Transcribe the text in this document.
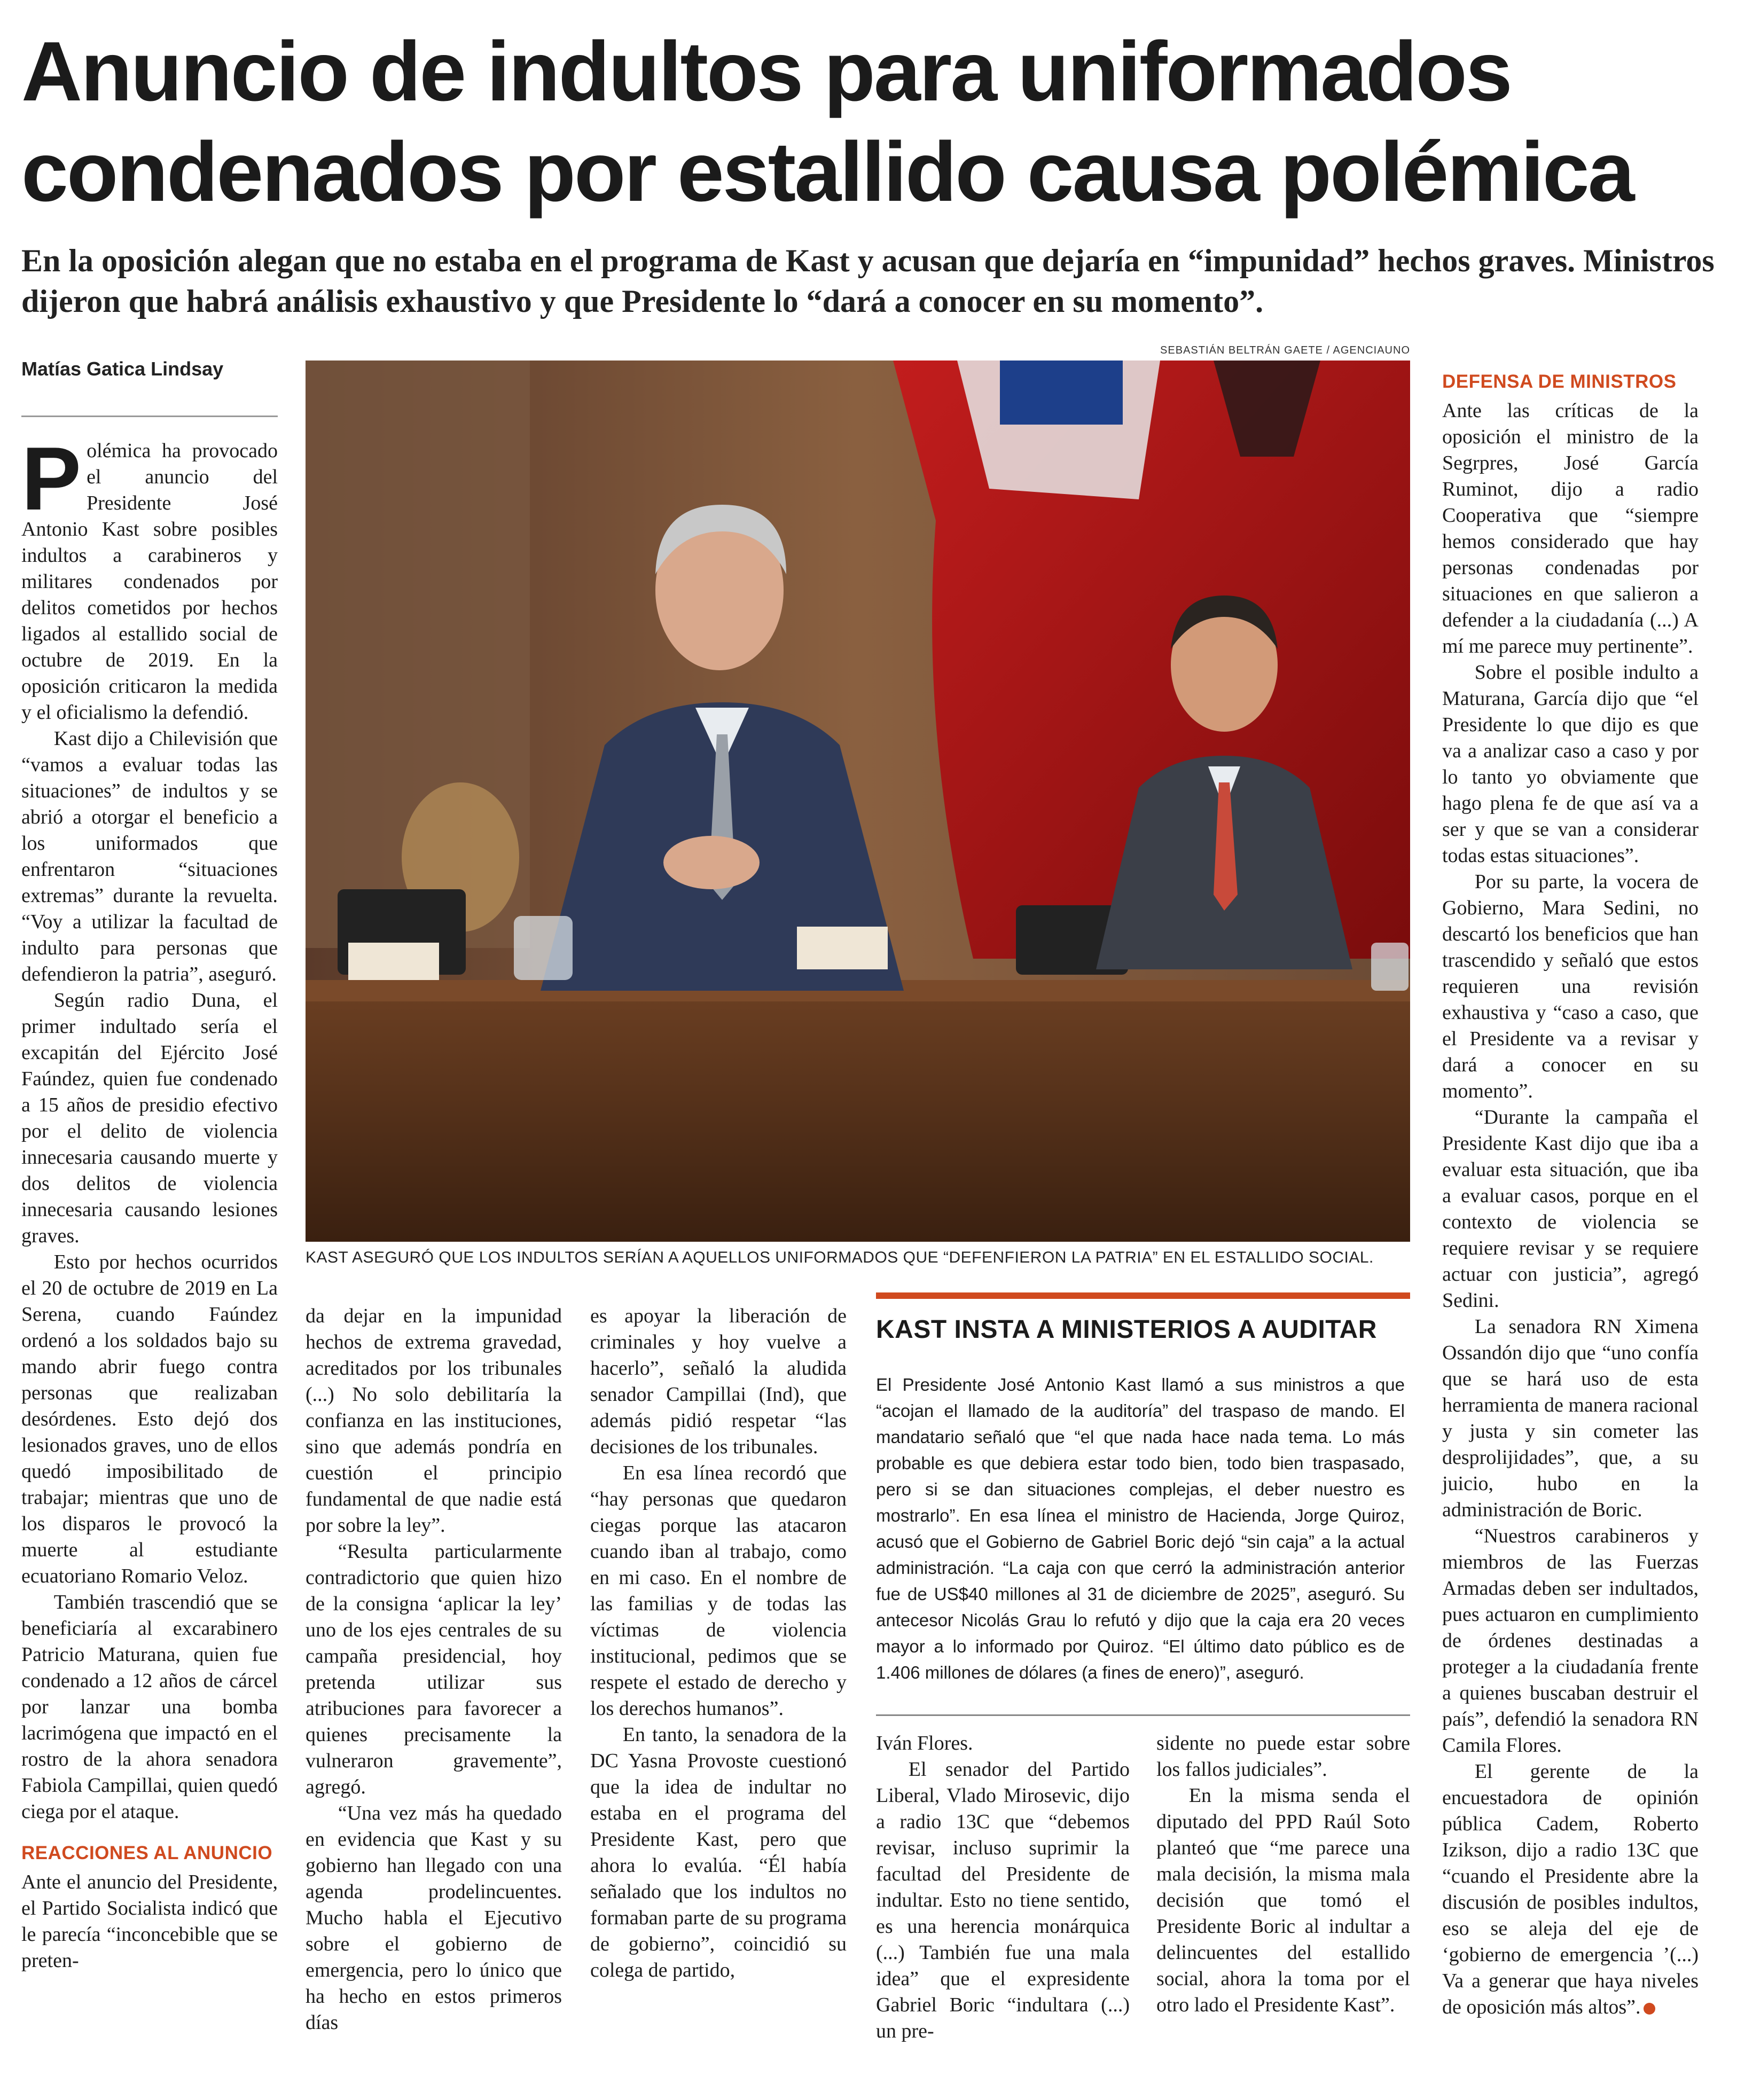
Anuncio de indultos para uniformados condenados por estallido causa polémica

En la oposición alegan que no estaba en el programa de Kast y acusan que dejaría en “impunidad” hechos graves. Ministros dijeron que habrá análisis exhaustivo y que Presidente lo “dará a conocer en su momento”.

Matías Gatica Lindsay
SEBASTIÁN BELTRÁN GAETE / AGENCIAUNO
KAST ASEGURÓ QUE LOS INDULTOS SERÍAN A AQUELLOS UNIFORMADOS QUE “DEFENFIERON LA PATRIA” EN EL ESTALLIDO SOCIAL.

Polémica ha provocado el anuncio del Presidente José Antonio Kast sobre posibles indultos a carabineros y militares condenados por delitos cometidos por hechos ligados al estallido social de octubre de 2019. En la oposición criticaron la medida y el oficialismo la defendió.

Kast dijo a Chilevisión que “vamos a evaluar todas las situaciones” de indultos y se abrió a otorgar el beneficio a los uniformados que enfrentaron “situaciones extremas” durante la revuelta. “Voy a utilizar la facultad de indulto para personas que defendieron la patria”, aseguró.

Según radio Duna, el primer indultado sería el excapitán del Ejército José Faúndez, quien fue condenado a 15 años de presidio efectivo por el delito de violencia innecesaria causando muerte y dos delitos de violencia innecesaria causando lesiones graves.

Esto por hechos ocurridos el 20 de octubre de 2019 en La Serena, cuando Faúndez ordenó a los soldados bajo su mando abrir fuego contra personas que realizaban desórdenes. Esto dejó dos lesionados graves, uno de ellos quedó imposibilitado de trabajar; mientras que uno de los disparos le provocó la muerte al estudiante ecuatoriano Romario Veloz.

También trascendió que se beneficiaría al excarabinero Patricio Maturana, quien fue condenado a 12 años de cárcel por lanzar una bomba lacrimógena que impactó en el rostro de la ahora senadora Fabiola Campillai, quien quedó ciega por el ataque.

REACCIONES AL ANUNCIO

Ante el anuncio del Presidente, el Partido Socialista indicó que le parecía “inconcebible que se preten-

da dejar en la impunidad hechos de extrema gravedad, acreditados por los tribunales (...) No solo debilitaría la confianza en las instituciones, sino que además pondría en cuestión el principio fundamental de que nadie está por sobre la ley”.

“Resulta particularmente contradictorio que quien hizo de la consigna ‘aplicar la ley’ uno de los ejes centrales de su campaña presidencial, hoy pretenda utilizar sus atribuciones para favorecer a quienes precisamente la vulneraron gravemente”, agregó.

“Una vez más ha quedado en evidencia que Kast y su gobierno han llegado con una agenda prodelincuentes. Mucho habla el Ejecutivo sobre el gobierno de emergencia, pero lo único que ha hecho en estos primeros días

es apoyar la liberación de criminales y hoy vuelve a hacerlo”, señaló la aludida senador Campillai (Ind), que además pidió respetar “las decisiones de los tribunales.

En esa línea recordó que “hay personas que quedaron ciegas porque las atacaron cuando iban al trabajo, como en mi caso. En el nombre de las familias y de todas las víctimas de violencia institucional, pedimos que se respete el estado de derecho y los derechos humanos”.

En tanto, la senadora de la DC Yasna Provoste cuestionó que la idea de indultar no estaba en el programa del Presidente Kast, pero que ahora lo evalúa. “Él había señalado que los indultos no formaban parte de su programa de gobierno”, coincidió su colega de partido,

KAST INSTA A MINISTERIOS A AUDITAR

El Presidente José Antonio Kast llamó a sus ministros a que “acojan el llamado de la auditoría” del traspaso de mando. El mandatario señaló que “el que nada hace nada tema. Lo más probable es que debiera estar todo bien, todo bien traspasado, pero si se dan situaciones complejas, el deber nuestro es mostrarlo”. En esa línea el ministro de Hacienda, Jorge Quiroz, acusó que el Gobierno de Gabriel Boric dejó “sin caja” a la actual administración. “La caja con que cerró la administración anterior fue de US$40 millones al 31 de diciembre de 2025”, aseguró. Su antecesor Nicolás Grau lo refutó y dijo que la caja era 20 veces mayor a lo informado por Quiroz. “El último dato público es de 1.406 millones de dólares (a fines de enero)”, aseguró.

Iván Flores.

El senador del Partido Liberal, Vlado Mirosevic, dijo a radio 13C que “debemos revisar, incluso suprimir la facultad del Presidente de indultar. Esto no tiene sentido, es una herencia monárquica (...) También fue una mala idea” que el expresidente Gabriel Boric “indultara (...) un pre-

sidente no puede estar sobre los fallos judiciales”.

En la misma senda el diputado del PPD Raúl Soto planteó que “me parece una mala decisión, la misma mala decisión que tomó el Presidente Boric al indultar a delincuentes del estallido social, ahora la toma por el otro lado el Presidente Kast”.

DEFENSA DE MINISTROS

Ante las críticas de la oposición el ministro de la Segrpres, José García Ruminot, dijo a radio Cooperativa que “siempre hemos considerado que hay personas condenadas por situaciones en que salieron a defender a la ciudadanía (...) A mí me parece muy pertinente”.

Sobre el posible indulto a Maturana, García dijo que “el Presidente lo que dijo es que va a analizar caso a caso y por lo tanto yo obviamente que hago plena fe de que así va a ser y que se van a considerar todas estas situaciones”.

Por su parte, la vocera de Gobierno, Mara Sedini, no descartó los beneficios que han trascendido y señaló que estos requieren una revisión exhaustiva y “caso a caso, que el Presidente va a revisar y dará a conocer en su momento”.

“Durante la campaña el Presidente Kast dijo que iba a evaluar esta situación, que iba a evaluar casos, porque en el contexto de violencia se requiere revisar y se requiere actuar con justicia”, agregó Sedini.

La senadora RN Ximena Ossandón dijo que “uno confía que se hará uso de esta herramienta de manera racional y justa y sin cometer las desprolijidades”, que, a su juicio, hubo en la administración de Boric.

“Nuestros carabineros y miembros de las Fuerzas Armadas deben ser indultados, pues actuaron en cumplimiento de órdenes destinadas a proteger a la ciudadanía frente a quienes buscaban destruir el país”, defendió la senadora RN Camila Flores.

El gerente de la encuestadora de opinión pública Cadem, Roberto Izikson, dijo a radio 13C que “cuando el Presidente abre la discusión de posibles indultos, eso se aleja del eje de ‘gobierno de emergencia ’(...) Va a generar que haya niveles de oposición más altos”.
